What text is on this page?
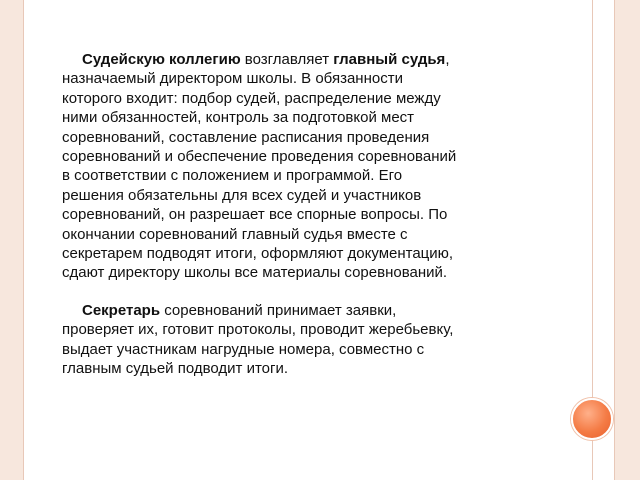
Судейскую коллегию возглавляет главный судья, назначаемый директором школы. В обязанности которого входит: подбор судей, распределение между ними обязанностей, контроль за подготовкой мест соревнований, составление расписания проведения соревнований и обеспечение проведения соревнований в соответствии с положением и программой. Его решения обязательны для всех судей и участников соревнований, он разрешает все спорные вопросы. По окончании соревнований главный судья вместе с секретарем подводят итоги, оформляют документацию, сдают директору школы все материалы соревнований.

Секретарь соревнований принимает заявки, проверяет их, готовит протоколы, проводит жеребьевку, выдает участникам нагрудные номера, совместно с главным судьей подводит итоги.
